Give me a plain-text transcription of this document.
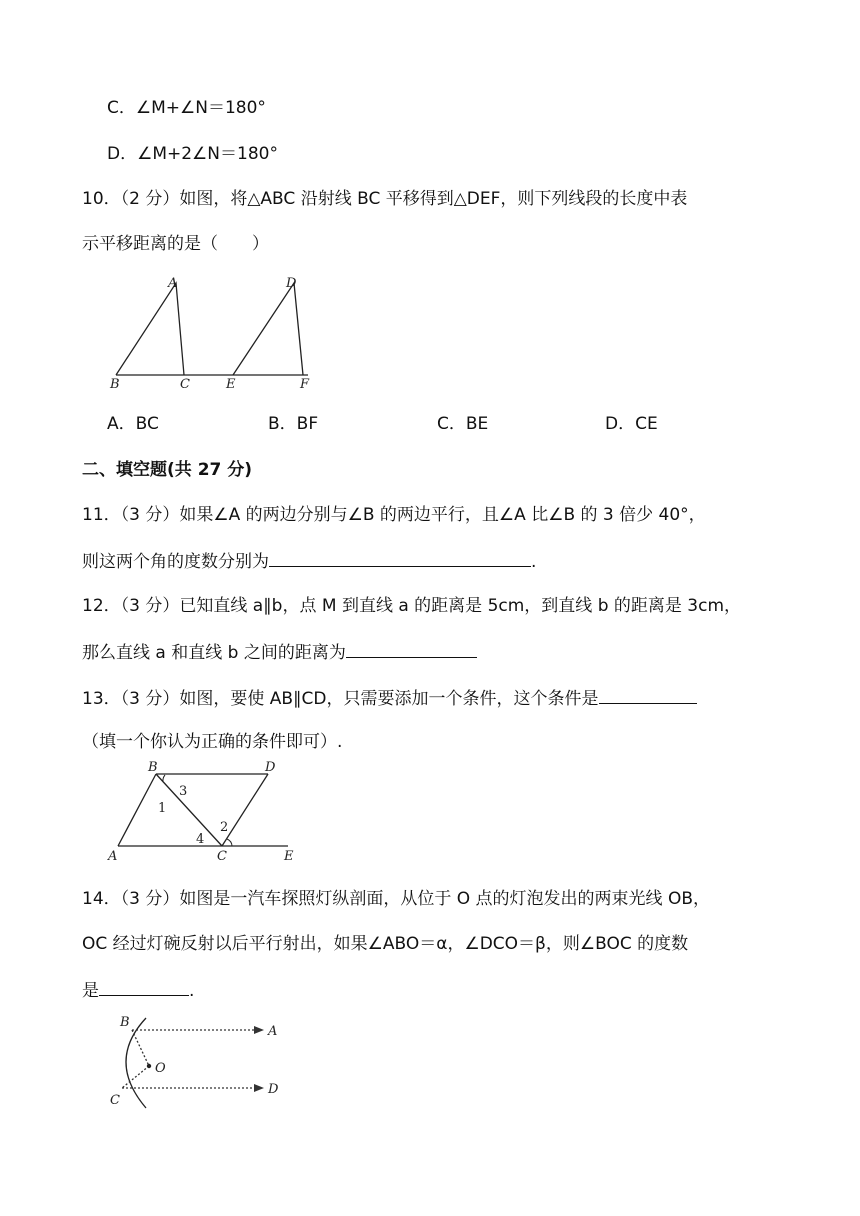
C．∠M+∠N＝180°
D．∠M+2∠N＝180°
10．（2 分）如图，将△ABC 沿射线 BC 平移得到△DEF，则下列线段的长度中表
示平移距离的是（　　）
A
B	C
D
E	F
A．BC	B．BF	C．BE	D．CE
二、填空题(共 27 分)
11．（3 分）如果∠A 的两边分别与∠B 的两边平行，且∠A 比∠B 的 3 倍少 40°，
则这两个角的度数分别为	.
12．（3 分）已知直线 a∥b，点 M 到直线 a 的距离是 5cm，到直线 b 的距离是 3cm，
那么直线 a 和直线 b 之间的距离为
13．（3 分）如图，要使 AB∥CD，只需要添加一个条件，这个条件是
（填一个你认为正确的条件即可）.
B	D
A	C	E
1
2
3
4
14．（3 分）如图是一汽车探照灯纵剖面，从位于 O 点的灯泡发出的两束光线 OB，
OC 经过灯碗反射以后平行射出，如果∠ABO＝α，∠DCO＝β，则∠BOC 的度数
是	.
B
A
O
C
D
